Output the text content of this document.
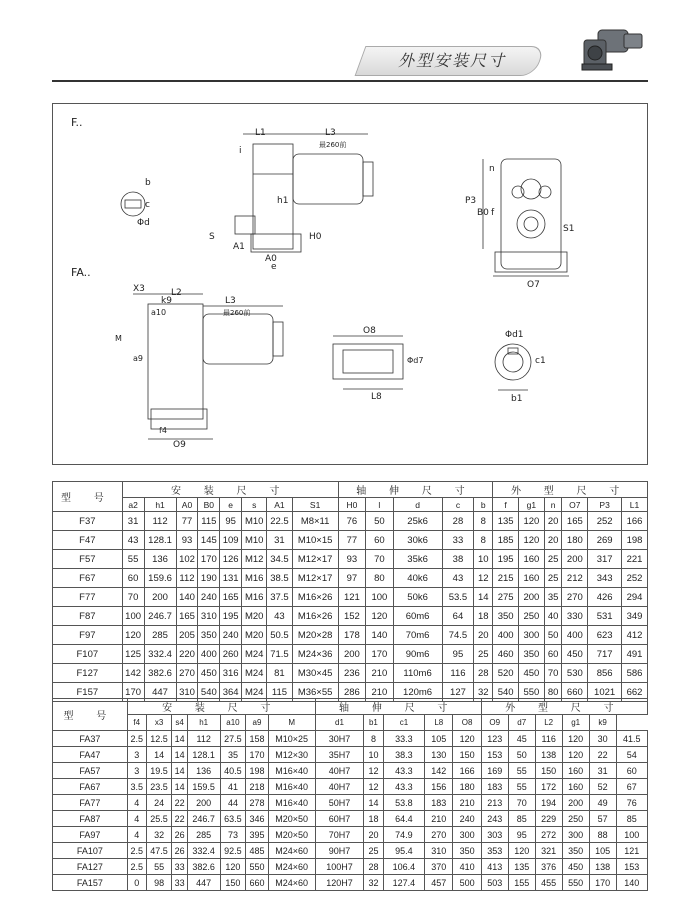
外型安装尺寸
F..
FA..
L1	L3
最260前
L2
L3
最260前
b
c
Φd
S
A1
A0
e
h1
H0
i
P3
B0 f
n
S1
O7
X3
k9
a10
a9
M
f4
O9
O8
L8
Φd7
Φd1
c1
b1
型 号	安 装 尺 寸								轴 伸 尺 寸					外 型 尺 寸					
	a2	h1	A0	B0	e	s	A1	S1	H0	l	d	c	b	f	g1	n	O7	P3	L1
F37	31	112	77	115	95	M10	22.5	M8×11	76	50	25k6	28	8	135	120	20	165	252	166
F47	43	128.1	93	145	109	M10	31	M10×15	77	60	30k6	33	8	185	120	20	180	269	198
F57	55	136	102	170	126	M12	34.5	M12×17	93	70	35k6	38	10	195	160	25	200	317	221
F67	60	159.6	112	190	131	M16	38.5	M12×17	97	80	40k6	43	12	215	160	25	212	343	252
F77	70	200	140	240	165	M16	37.5	M16×26	121	100	50k6	53.5	14	275	200	35	270	426	294
F87	100	246.7	165	310	195	M20	43	M16×26	152	120	60m6	64	18	350	250	40	330	531	349
F97	120	285	205	350	240	M20	50.5	M20×28	178	140	70m6	74.5	20	400	300	50	400	623	412
F107	125	332.4	220	400	260	M24	71.5	M24×36	200	170	90m6	95	25	460	350	60	450	717	491
F127	142	382.6	270	450	316	M24	81	M30×45	236	210	110m6	116	28	520	450	70	530	856	586
F157	170	447	310	540	364	M24	115	M36×55	286	210	120m6	127	32	540	550	80	660	1021	662
型 号	安 装 尺 寸							轴 伸 尺 寸					外 型 尺 寸					
	f4	x3	s4	h1	a10	a9	M	d1	b1	c1	L8	O8	O9	d7	L2	g1	k9	
FA37	2.5	12.5	14	112	27.5	158	M10×25	30H7	8	33.3	105	120	123	45	116	120	30	41.5
FA47	3	14	14	128.1	35	170	M12×30	35H7	10	38.3	130	150	153	50	138	120	22	54
FA57	3	19.5	14	136	40.5	198	M16×40	40H7	12	43.3	142	166	169	55	150	160	31	60
FA67	3.5	23.5	14	159.5	41	218	M16×40	40H7	12	43.3	156	180	183	55	172	160	52	67
FA77	4	24	22	200	44	278	M16×40	50H7	14	53.8	183	210	213	70	194	200	49	76
FA87	4	25.5	22	246.7	63.5	346	M20×50	60H7	18	64.4	210	240	243	85	229	250	57	85
FA97	4	32	26	285	73	395	M20×50	70H7	20	74.9	270	300	303	95	272	300	88	100
FA107	2.5	47.5	26	332.4	92.5	485	M24×60	90H7	25	95.4	310	350	353	120	321	350	105	121
FA127	2.5	55	33	382.6	120	550	M24×60	100H7	28	106.4	370	410	413	135	376	450	138	153
FA157	0	98	33	447	150	660	M24×60	120H7	32	127.4	457	500	503	155	455	550	170	140
